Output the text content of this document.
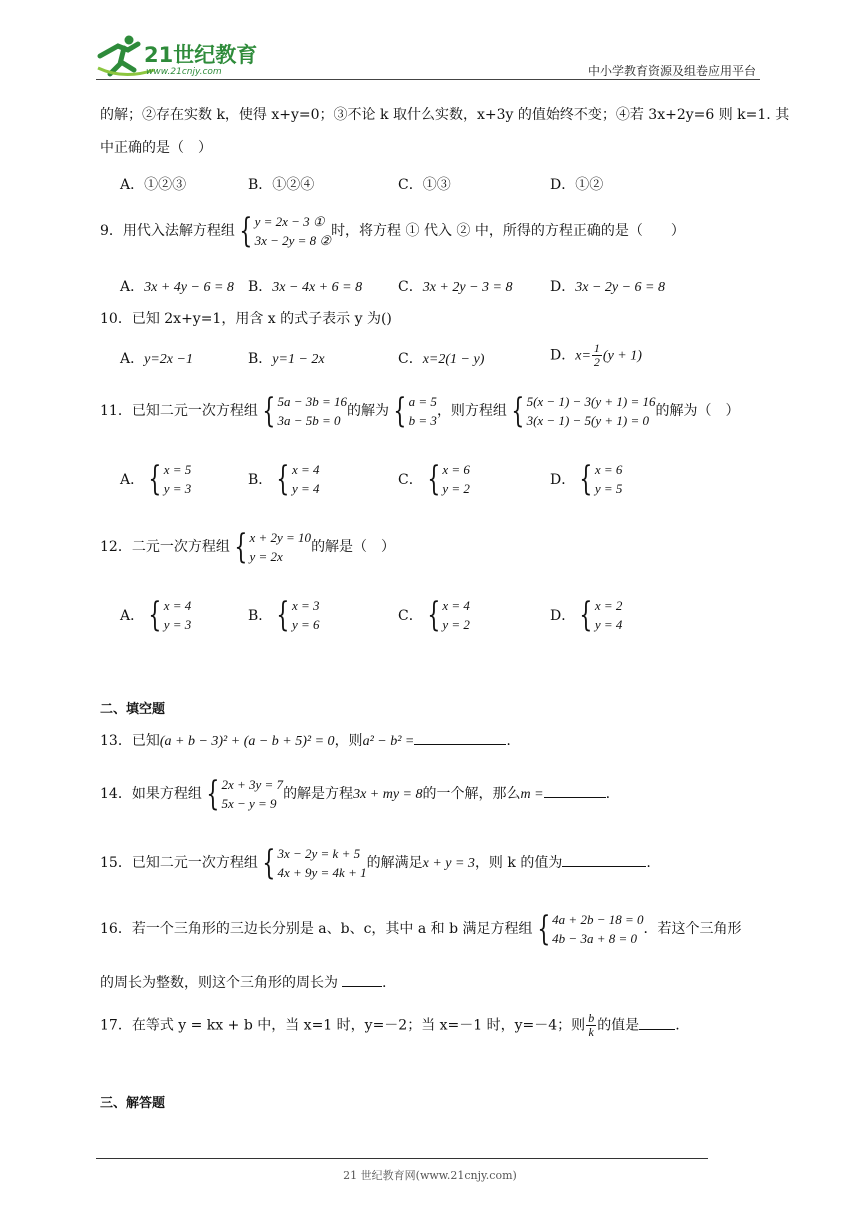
21世纪教育
www.21cnjy.com	中小学教育资源及组卷应用平台
的解；②存在实数 k，使得 x+y=0；③不论 k 取什么实数，x+3y 的值始终不变；④若 3x+2y=6 则 k=1. 其
中正确的是（　）
A．①②③	B．①②④	C．①③	D．①②
9．用代入法解方程组 { y = 2x − 3 ①
3x − 2y = 8 ②
时，将方程 ① 代入 ② 中，所得的方程正确的是（　　）
A．3x + 4y − 6 = 8 B．3x − 4x + 6 = 8	C．3x + 2y − 3 = 8	D．3x − 2y − 6 = 8
10．已知 2x+y=1，用含 x 的式子表示 y 为()
A．y=2x −1	B．y=1 − 2x	C．x=2(1 − y)	D．$x= \frac{1}{2} (y + 1)$
11．已知二元一次方程组 { 5a − 3b = 16
3a − 5b = 0
的解为 { a = 5
b = 3
，则方程组 { 5(x − 1) − 3(y + 1) = 16
3(x − 1) − 5(y + 1) = 0
的解为（　）
A． { x = 5
y = 3
B． { x = 4
y = 4
C． { x = 6
y = 2
D． { x = 6
y = 5
12．二元一次方程组 { x + 2y = 10
y = 2x
的解是（　）
A． { x = 4
y = 3
B． { x = 3
y = 6
C． { x = 4
y = 2
D． { x = 2
y = 4
二、填空题
13．已知(a + b − 3)² + (a − b + 5)² = 0，则a² − b² =	.
14．如果方程组 { 2x + 3y = 7
5x − y = 9
的解是方程3x + my = 8的一个解，那么m =	.
15．已知二元一次方程组 { 3x − 2y = k + 5
4x + 9y = 4k + 1
的解满足x + y = 3，则 k 的值为	.
16．若一个三角形的三边长分别是 a、b、c，其中 a 和 b 满足方程组 { 4a + 2b − 18 = 0
4b − 3a + 8 = 0
．若这个三角形
的周长为整数，则这个三角形的周长为	.
17．在等式 y = kx + b 中，当 x=1 时，y=－2；当 x=－1 时，y=－4；则 $\frac{b}{k}$ 的值是	.
三、解答题
21 世纪教育网(www.21cnjy.com)
